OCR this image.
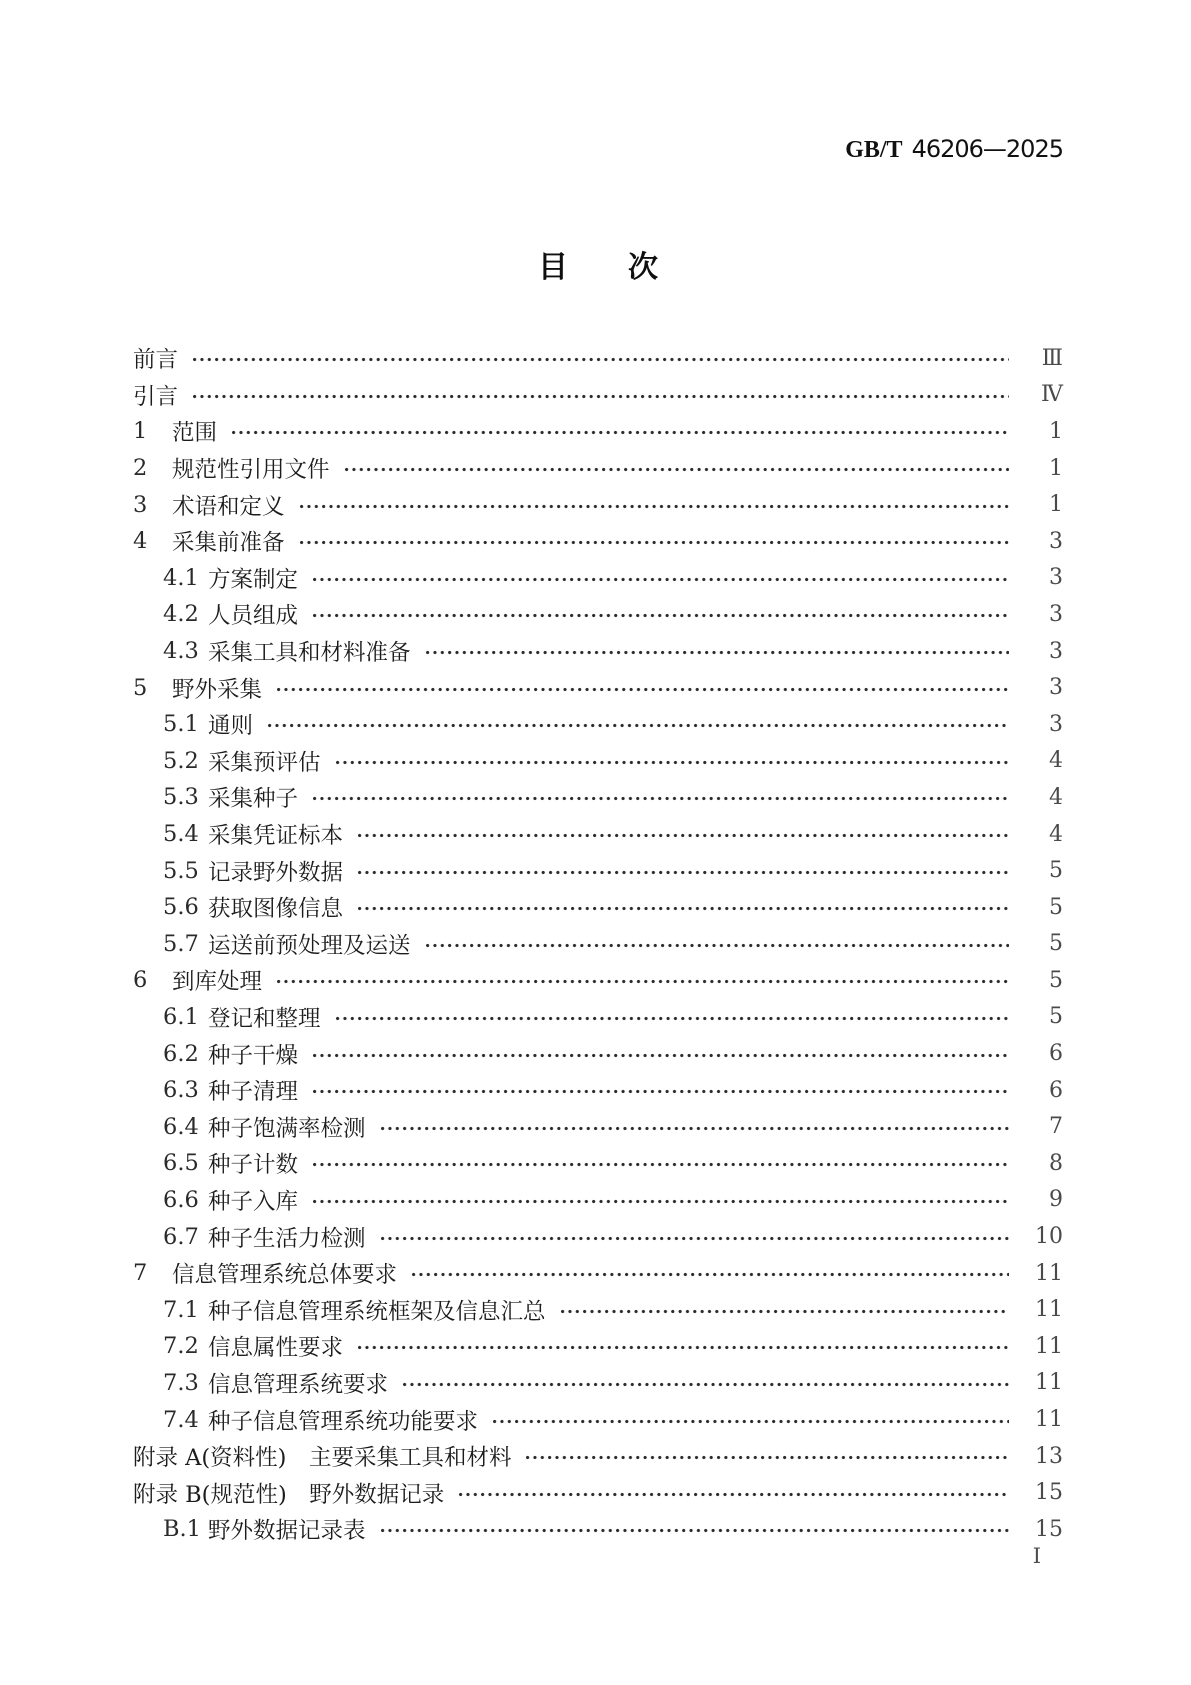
GB/T 46206—2025
目　　次
前言	Ⅲ
引言	Ⅳ
1	范围	1
2	规范性引用文件	1
3	术语和定义	1
4	采集前准备	3
4.1 方案制定	3
4.2 人员组成	3
4.3 采集工具和材料准备	3
5	野外采集	3
5.1 通则	3
5.2 采集预评估	4
5.3 采集种子	4
5.4 采集凭证标本	4
5.5 记录野外数据	5
5.6 获取图像信息	5
5.7 运送前预处理及运送	5
6	到库处理	5
6.1 登记和整理	5
6.2 种子干燥	6
6.3 种子清理	6
6.4 种子饱满率检测	7
6.5 种子计数	8
6.6 种子入库	9
6.7 种子生活力检测	10
7	信息管理系统总体要求	11
7.1 种子信息管理系统框架及信息汇总	11
7.2 信息属性要求	11
7.3 信息管理系统要求	11
7.4 种子信息管理系统功能要求	11
附录 A(资料性)　主要采集工具和材料	13
附录 B(规范性)　野外数据记录	15
B.1 野外数据记录表	15
Ⅰ
